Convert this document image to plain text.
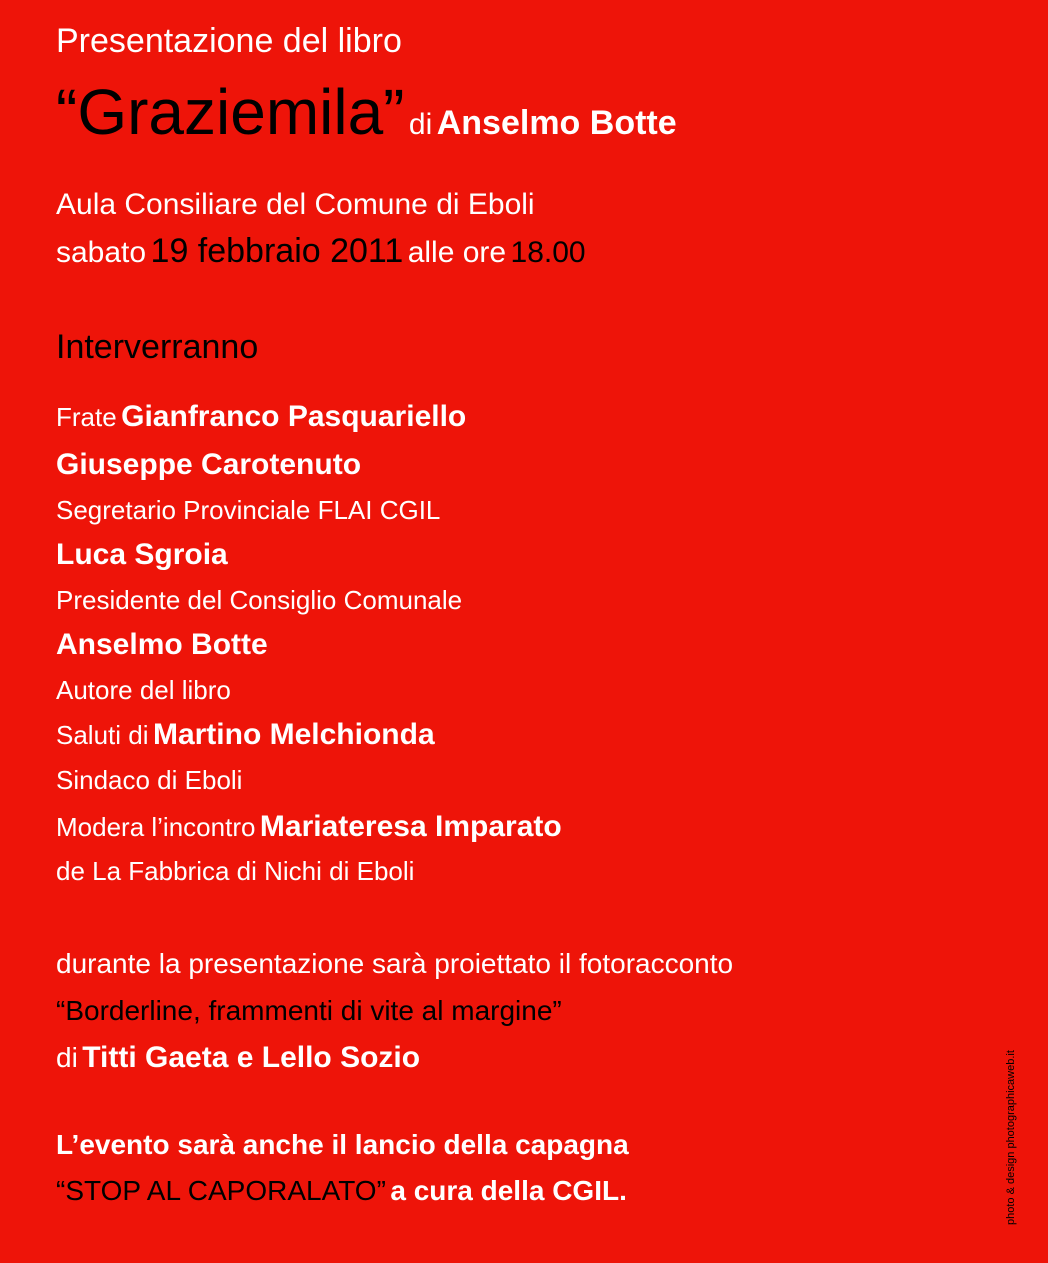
Presentazione del libro
“Graziemila” di Anselmo Botte
Aula Consiliare del Comune di Eboli
sabato 19 febbraio 2011 alle ore 18.00
Interverranno
Frate Gianfranco Pasquariello
Giuseppe Carotenuto
Segretario Provinciale FLAI CGIL
Luca Sgroia
Presidente del Consiglio Comunale
Anselmo Botte
Autore del libro
Saluti di Martino Melchionda
Sindaco di Eboli
Modera l’incontro Mariateresa Imparato
de La Fabbrica di Nichi di Eboli
durante la presentazione sarà proiettato il fotoracconto
“Borderline, frammenti di vite al margine”
di Titti Gaeta e Lello Sozio
L’evento sarà anche il lancio della capagna
“STOP AL CAPORALATO” a cura della CGIL.	photo & design photographicaweb.it
